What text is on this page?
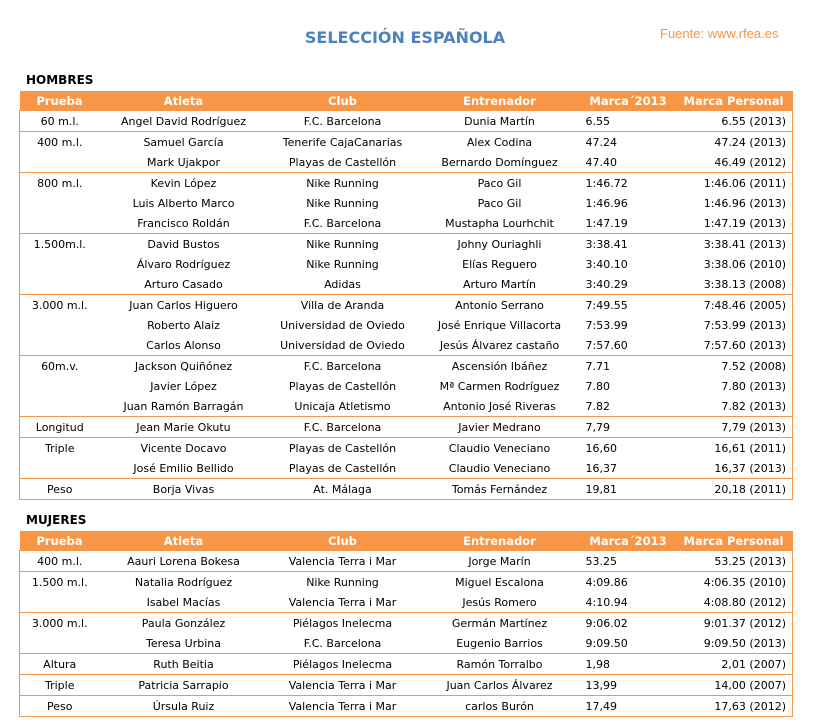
SELECCIÓN ESPAÑOLA	Fuente: www.rfea.es
HOMBRES
Prueba	Atleta	Club	Entrenador	Marca´2013	Marca Personal
60 m.l.	Angel David Rodríguez	F.C. Barcelona	Dunia Martín	6.55	6.55 (2013)
400 m.l.	Samuel García	Tenerife CajaCanarias	Alex Codina	47.24	47.24 (2013)
	Mark Ujakpor	Playas de Castellón	Bernardo Domínguez	47.40	46.49 (2012)
800 m.l.	Kevin López	Nike Running	Paco Gil	1:46.72	1:46.06 (2011)
	Luis Alberto Marco	Nike Running	Paco Gil	1:46.96	1:46.96 (2013)
	Francisco Roldán	F.C. Barcelona	Mustapha Lourhchit	1:47.19	1:47.19 (2013)
1.500m.l.	David Bustos	Nike Running	Johny Ouriaghli	3:38.41	3:38.41 (2013)
	Álvaro Rodríguez	Nike Running	Elías Reguero	3:40.10	3:38.06 (2010)
	Arturo Casado	Adidas	Arturo Martín	3:40.29	3:38.13 (2008)
3.000 m.l.	Juan Carlos Higuero	Villa de Aranda	Antonio Serrano	7:49.55	7:48.46 (2005)
	Roberto Alaiz	Universidad de Oviedo	José Enrique Villacorta	7:53.99	7:53.99 (2013)
	Carlos Alonso	Universidad de Oviedo	Jesús Álvarez castaño	7:57.60	7:57.60 (2013)
60m.v.	Jackson Quiñónez	F.C. Barcelona	Ascensión Ibáñez	7.71	7.52 (2008)
	Javier López	Playas de Castellón	Mª Carmen Rodríguez	7.80	7.80 (2013)
	Juan Ramón Barragán	Unicaja Atletismo	Antonio José Riveras	7.82	7.82 (2013)
Longitud	Jean Marie Okutu	F.C. Barcelona	Javier Medrano	7,79	7,79 (2013)
Triple	Vicente Docavo	Playas de Castellón	Claudio Veneciano	16,60	16,61 (2011)
	José Emilio Bellido	Playas de Castellón	Claudio Veneciano	16,37	16,37 (2013)
Peso	Borja Vivas	At. Málaga	Tomás Fernández	19,81	20,18 (2011)
MUJERES
Prueba	Atleta	Club	Entrenador	Marca´2013	Marca Personal
400 m.l.	Aauri Lorena Bokesa	Valencia Terra i Mar	Jorge Marín	53.25	53.25 (2013)
1.500 m.l.	Natalia Rodríguez	Nike Running	Miguel Escalona	4:09.86	4:06.35 (2010)
	Isabel Macías	Valencia Terra i Mar	Jesús Romero	4:10.94	4:08.80 (2012)
3.000 m.l.	Paula González	Piélagos Inelecma	Germán Martínez	9:06.02	9:01.37 (2012)
	Teresa Urbina	F.C. Barcelona	Eugenio Barrios	9:09.50	9:09.50 (2013)
Altura	Ruth Beitia	Piélagos Inelecma	Ramón Torralbo	1,98	2,01 (2007)
Triple	Patricia Sarrapio	Valencia Terra i Mar	Juan Carlos Álvarez	13,99	14,00 (2007)
Peso	Úrsula Ruiz	Valencia Terra i Mar	carlos Burón	17,49	17,63 (2012)
